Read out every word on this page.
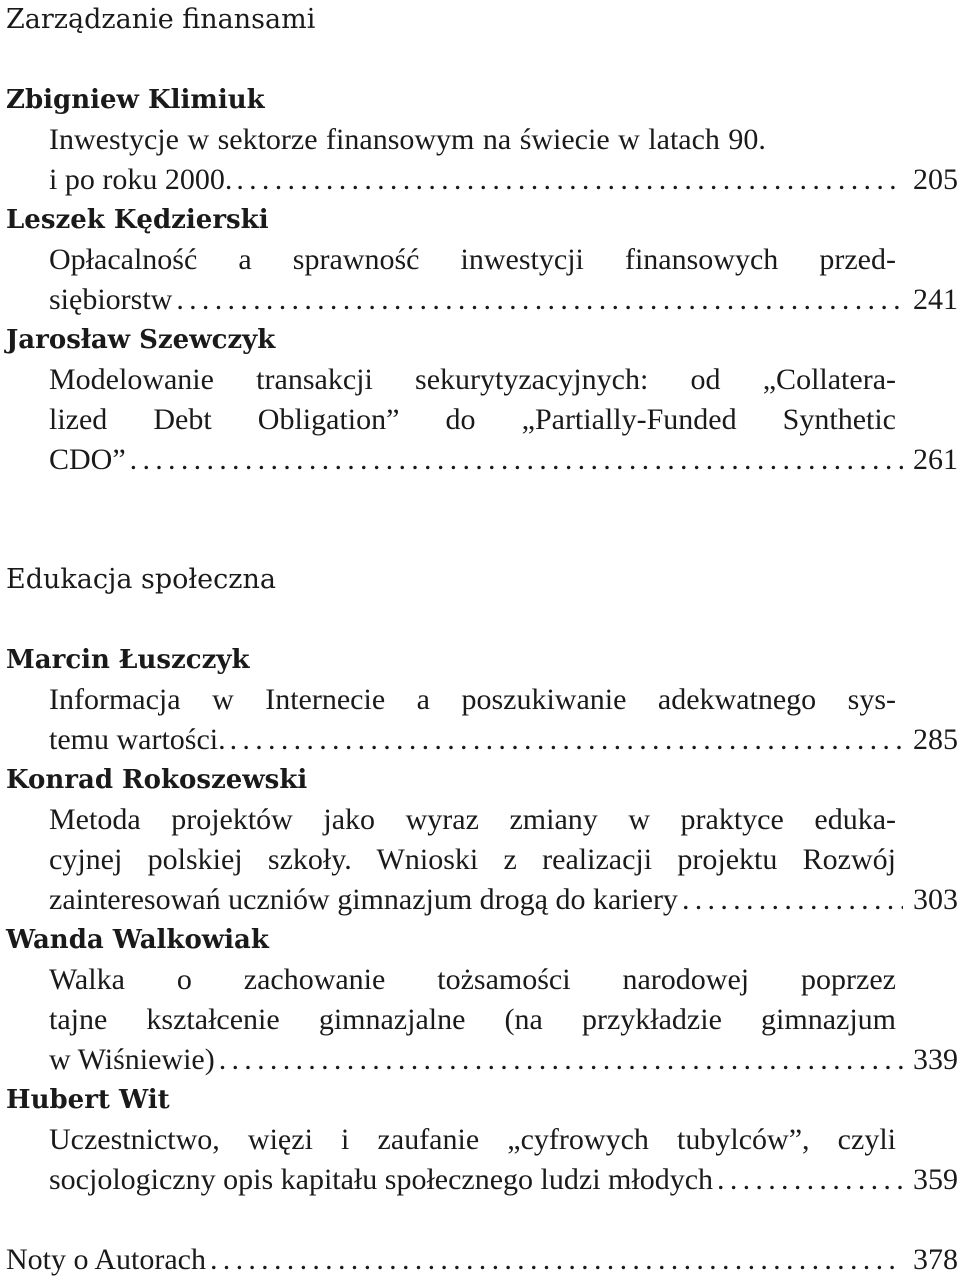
Zarządzanie finansami
Zbigniew Klimiuk
Inwestycje w sektorze finansowym na świecie w latach 90.
i po roku 2000. . . .	205
Leszek Kędzierski
Opłacalność a sprawność inwestycji finansowych przed-
siębiorstw . . .	241
Jarosław Szewczyk
Modelowanie transakcji sekurytyzacyjnych: od „Collatera-
lized Debt Obligation” do „Partially-Funded Synthetic
CDO” . . .	261
Edukacja społeczna
Marcin Łuszczyk
Informacja w Internecie a poszukiwanie adekwatnego sys-
temu wartości. . . .	285
Konrad Rokoszewski
Metoda projektów jako wyraz zmiany w praktyce eduka-
cyjnej polskiej szkoły. Wnioski z realizacji projektu Rozwój
zainteresowań uczniów gimnazjum drogą do kariery . . .	303
Wanda Walkowiak
Walka o zachowanie tożsamości narodowej poprzez
tajne kształcenie gimnazjalne (na przykładzie gimnazjum
w Wiśniewie) . . .	339
Hubert Wit
Uczestnictwo, więzi i zaufanie „cyfrowych tubylców”, czyli
socjologiczny opis kapitału społecznego ludzi młodych . . .	359
Noty o Autorach . . .	378
